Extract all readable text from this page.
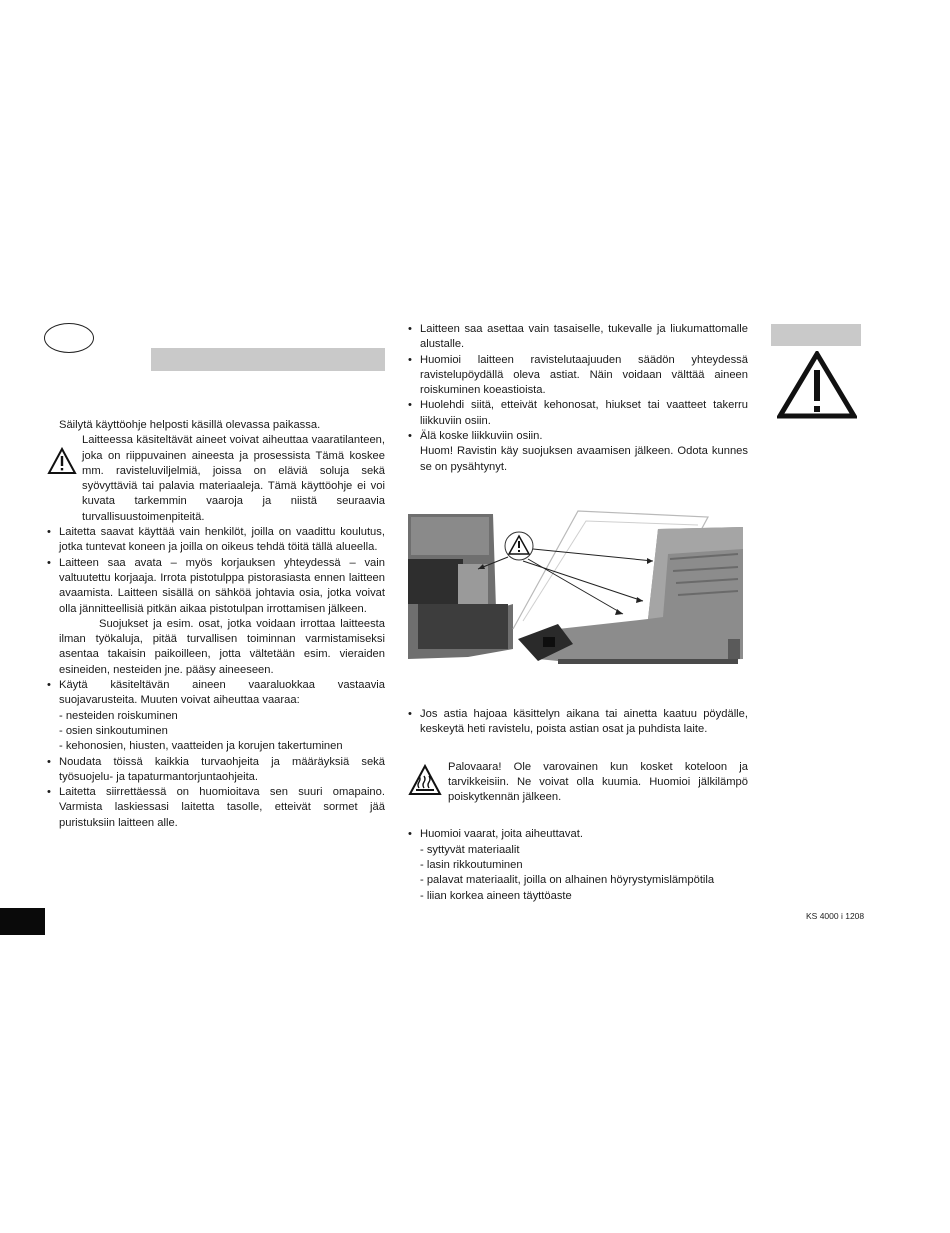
Säilytä käyttöohje helposti käsillä olevassa paikassa.

Laitteessa käsiteltävät aineet voivat aiheuttaa vaaratilanteen, joka on riippuvainen aineesta ja prosessista Tämä koskee mm. ravisteluviljelmiä, joissa on eläviä soluja sekä syövyttäviä tai palavia materiaaleja. Tämä käyttöohje ei voi kuvata tarkemmin vaaroja ja niistä seuraavia turvallisuustoimenpiteitä.
• Laitetta saavat käyttää vain henkilöt, joilla on vaadittu koulutus, jotka tuntevat koneen ja joilla on oikeus tehdä töitä tällä alueella.
• Laitteen saa avata – myös korjauksen yhteydessä – vain valtuutettu korjaaja. Irrota pistotulppa pistorasiasta ennen laitteen avaamista. Laitteen sisällä on sähköä johtavia osia, jotka voivat olla jännitteellisiä pitkän aikaa pistotulpan irrottamisen jälkeen.
Suojukset ja esim. osat, jotka voidaan irrottaa laitteesta ilman työkaluja, pitää turvallisen toiminnan varmistamiseksi asentaa takaisin paikoilleen, jotta vältetään esim. vieraiden esineiden, nesteiden jne. pääsy aineeseen.
• Käytä käsiteltävän aineen vaaraluokkaa vastaavia suojavarusteita. Muuten voivat aiheuttaa vaaraa:
- nesteiden roiskuminen
- osien sinkoutuminen
- kehonosien, hiusten, vaatteiden ja korujen takertuminen
• Noudata töissä kaikkia turvaohjeita ja määräyksiä sekä työsuojelu- ja tapaturmantorjuntaohjeita.
• Laitetta siirrettäessä on huomioitava sen suuri omapaino. Varmista laskiessasi laitetta tasolle, etteivät sormet jää puristuksiin laitteen alle.
• Laitteen saa asettaa vain tasaiselle, tukevalle ja liukumattomalle alustalle.
• Huomioi laitteen ravistelutaajuuden säädön yhteydessä ravistelupöydällä oleva astiat. Näin voidaan välttää aineen roiskuminen koeastioista.
• Huolehdi siitä, etteivät kehonosat, hiukset tai vaatteet takerru liikkuviin osiin.
• Älä koske liikkuviin osiin.
Huom! Ravistin käy suojuksen avaamisen jälkeen. Odota kunnes se on pysähtynyt.
• Jos astia hajoaa käsittelyn aikana tai ainetta kaatuu pöydälle, keskeytä heti ravistelu, poista astian osat ja puhdista laite.
Palovaara! Ole varovainen kun kosket koteloon ja tarvikkeisiin. Ne voivat olla kuumia. Huomioi jälkilämpö poiskytkennän jälkeen.
• Huomioi vaarat, joita aiheuttavat.
- syttyvät materiaalit
- lasin rikkoutuminen
- palavat materiaalit, joilla on alhainen höyrystymislämpötila
- liian korkea aineen täyttöaste
KS 4000 i 1208
